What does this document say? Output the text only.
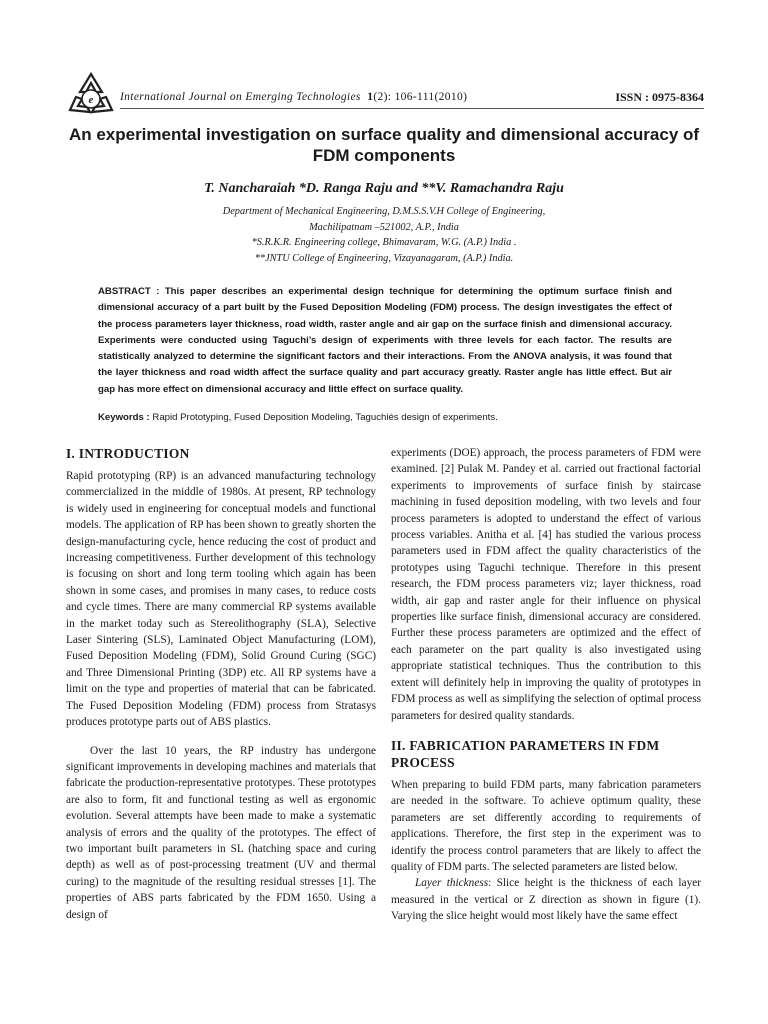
e International Journal on Emerging Technologies 1(2): 106-111(2010)	ISSN : 0975-8364
An experimental investigation on surface quality and dimensional accuracy of FDM components
T. Nancharaiah *D. Ranga Raju and **V. Ramachandra Raju
Department of Mechanical Engineering, D.M.S.S.V.H College of Engineering,
Machilipatnam –521002, A.P., India
*S.R.K.R. Engineering college, Bhimavaram, W.G. (A.P.) India .
**JNTU College of Engineering, Vizayanagaram, (A.P.) India.
ABSTRACT : This paper describes an experimental design technique for determining the optimum surface finish and dimensional accuracy of a part built by the Fused Deposition Modeling (FDM) process. The design investigates the effect of the process parameters layer thickness, road width, raster angle and air gap on the surface finish and dimensional accuracy. Experiments were conducted using Taguchi’s design of experiments with three levels for each factor. The results are statistically analyzed to determine the significant factors and their interactions. From the ANOVA analysis, it was found that the layer thickness and road width affect the surface quality and part accuracy greatly. Raster angle has little effect. But air gap has more effect on dimensional accuracy and little effect on surface quality.
Keywords : Rapid Prototyping, Fused Deposition Modeling, Taguchiés design of experiments.
I. INTRODUCTION

Rapid prototyping (RP) is an advanced manufacturing technology commercialized in the middle of 1980s. At present, RP technology is widely used in engineering for conceptual models and functional models. The application of RP has been shown to greatly shorten the design-manufacturing cycle, hence reducing the cost of product and increasing competitiveness. Further development of this technology is focusing on short and long term tooling which again has been shown in some cases, and promises in many cases, to reduce costs and cycle times. There are many commercial RP systems available in the market today such as Stereolithography (SLA), Selective Laser Sintering (SLS), Laminated Object Manufacturing (LOM), Fused Deposition Modeling (FDM), Solid Ground Curing (SGC) and Three Dimensional Printing (3DP) etc. All RP systems have a limit on the type and properties of material that can be fabricated. The Fused Deposition Modeling (FDM) process from Stratasys produces prototype parts out of ABS plastics.

Over the last 10 years, the RP industry has undergone significant improvements in developing machines and materials that fabricate the production-representative prototypes. These prototypes are also to form, fit and functional testing as well as ergonomic evolution. Several attempts have been made to make a systematic analysis of errors and the quality of the prototypes. The effect of two important built parameters in SL (hatching space and curing depth) as well as of post-processing treatment (UV and thermal curing) to the magnitude of the resulting residual stresses [1]. The properties of ABS parts fabricated by the FDM 1650. Using a design of

experiments (DOE) approach, the process parameters of FDM were examined. [2] Pulak M. Pandey et al. carried out fractional factorial experiments to improvements of surface finish by staircase machining in fused deposition modeling, with two levels and four process parameters is adopted to understand the effect of various process variables. Anitha et al. [4] has studied the various process parameters used in FDM affect the quality characteristics of the prototypes using Taguchi technique. Therefore in this present research, the FDM process parameters viz; layer thickness, road width, air gap and raster angle for their influence on physical properties like surface finish, dimensional accuracy are considered. Further these process parameters are optimized and the effect of each parameter on the part quality is also investigated using appropriate statistical techniques. Thus the contribution to this extent will definitely help in improving the quality of prototypes in FDM process as well as simplifying the selection of optimal process parameters for desired quality standards.

II. FABRICATION PARAMETERS IN FDM PROCESS

When preparing to build FDM parts, many fabrication parameters are needed in the software. To achieve optimum quality, these parameters are set differently according to requirements of applications. Therefore, the first step in the experiment was to identify the process control parameters that are likely to affect the quality of FDM parts. The selected parameters are listed below.

Layer thickness: Slice height is the thickness of each layer measured in the vertical or Z direction as shown in figure (1). Varying the slice height would most likely have the same effect
